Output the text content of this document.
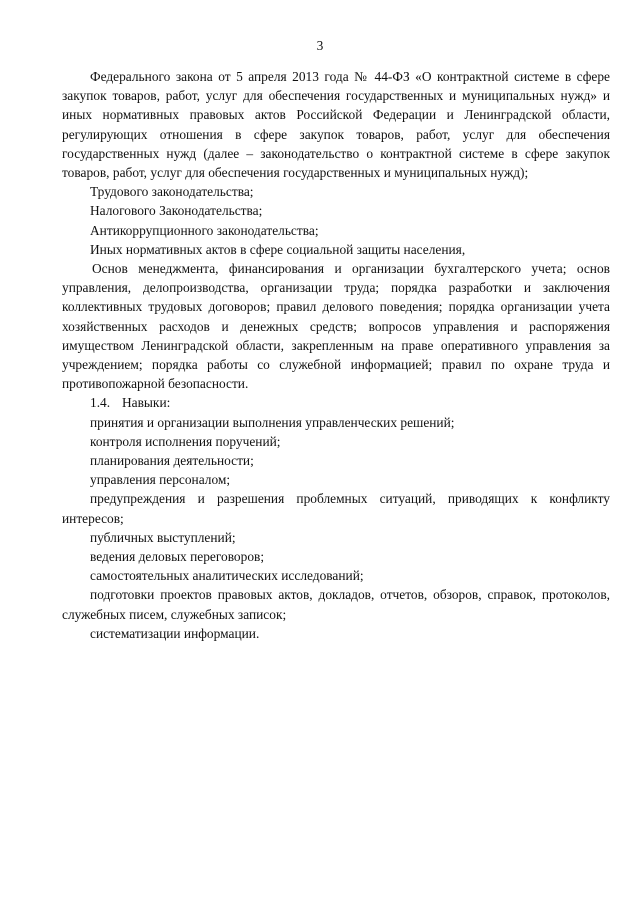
3

Федерального закона от 5 апреля 2013 года № 44-ФЗ «О контрактной системе в сфере закупок товаров, работ, услуг для обеспечения государственных и муниципальных нужд» и иных нормативных правовых актов Российской Федерации и Ленинградской области, регулирующих отношения в сфере закупок товаров, работ, услуг для обеспечения государственных нужд (далее – законодательство о контрактной системе в сфере закупок товаров, работ, услуг для обеспечения государственных и муниципальных нужд);

Трудового законодательства;

Налогового Законодательства;

Антикоррупционного законодательства;

Иных нормативных актов в сфере социальной защиты населения,

Основ менеджмента, финансирования и организации бухгалтерского учета; основ управления, делопроизводства, организации труда; порядка разработки и заключения коллективных трудовых договоров; правил делового поведения; порядка организации учета хозяйственных расходов и денежных средств; вопросов управления и распоряжения имуществом Ленинградской области, закрепленным на праве оперативного управления за учреждением; порядка работы со служебной информацией; правил по охране труда и противопожарной безопасности.

1.4. Навыки:

принятия и организации выполнения управленческих решений;

контроля исполнения поручений;

планирования деятельности;

управления персоналом;

предупреждения и разрешения проблемных ситуаций, приводящих к конфликту интересов;

публичных выступлений;

ведения деловых переговоров;

самостоятельных аналитических исследований;

подготовки проектов правовых актов, докладов, отчетов, обзоров, справок, протоколов, служебных писем, служебных записок;

систематизации информации.
